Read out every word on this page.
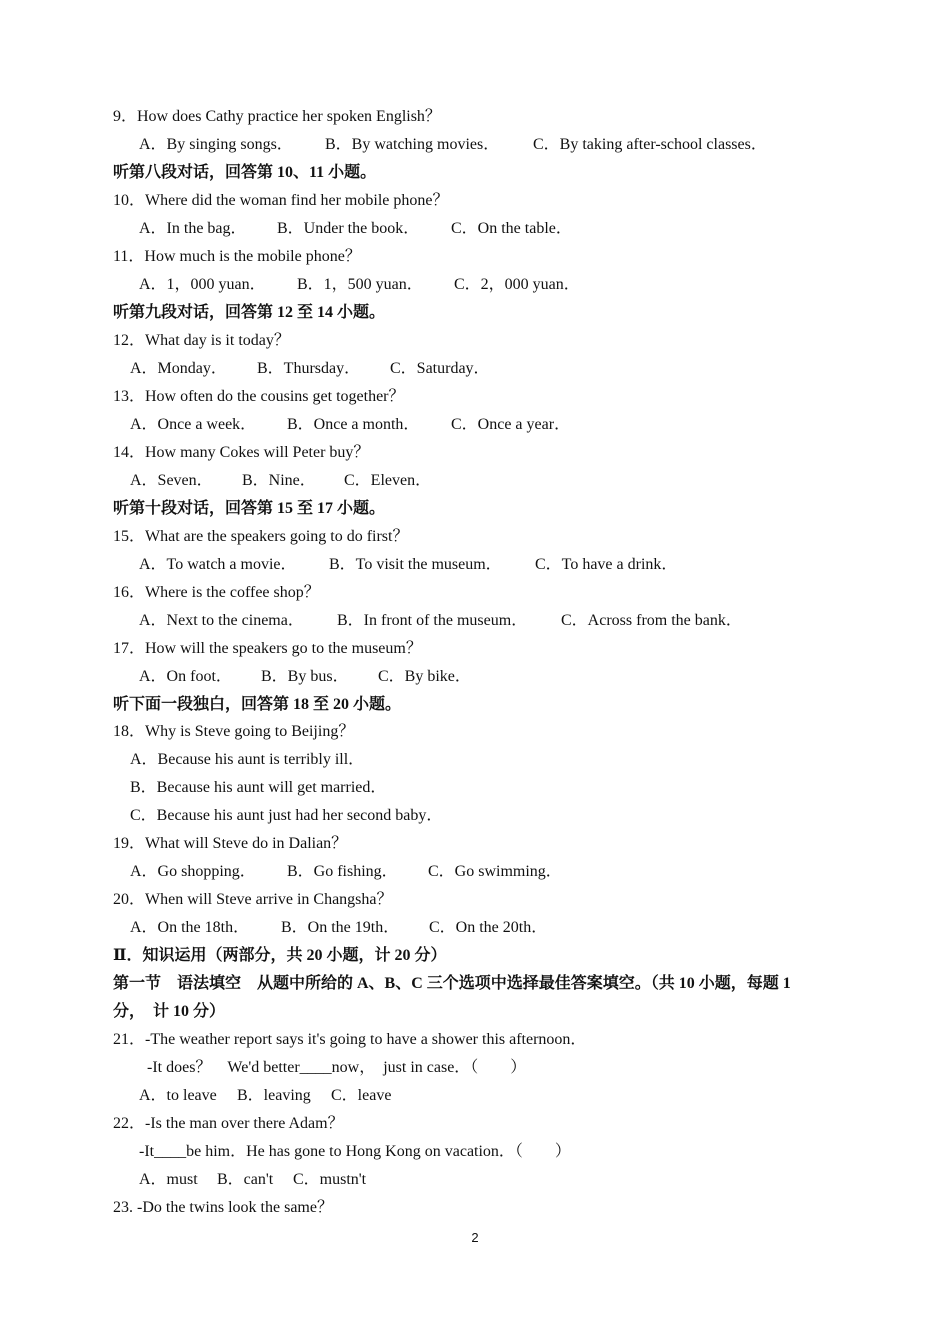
9．How does Cathy practice her spoken English？
A．By singing songs． B．By watching movies． C．By taking after-school classes．
听第八段对话，回答第 10、11 小题。
10．Where did the woman find her mobile phone？
A．In the bag． B．Under the book． C．On the table．
11．How much is the mobile phone？
A．1，000 yuan． B．1，500 yuan． C．2，000 yuan．
听第九段对话，回答第 12 至 14 小题。
12．What day is it today？
A．Monday． B．Thursday． C．Saturday．
13．How often do the cousins get together？
A．Once a week． B．Once a month． C．Once a year．
14．How many Cokes will Peter buy？
A．Seven． B．Nine． C．Eleven．
听第十段对话，回答第 15 至 17 小题。
15．What are the speakers going to do first？
A．To watch a movie． B．To visit the museum． C．To have a drink．
16．Where is the coffee shop？
A．Next to the cinema． B．In front of the museum． C．Across from the bank．
17．How will the speakers go to the museum？
A．On foot． B．By bus． C．By bike．
听下面一段独白，回答第 18 至 20 小题。
18．Why is Steve going to Beijing？
A．Because his aunt is terribly ill．
B．Because his aunt will get married．
C．Because his aunt just had her second baby．
19．What will Steve do in Dalian？
A．Go shopping． B．Go fishing． C．Go swimming．
20．When will Steve arrive in Changsha？
A．On the 18th． B．On the 19th． C．On the 20th．
Ⅱ．知识运用（两部分，共 20 小题，计 20 分）
第一节　语法填空　从题中所给的 A、B、C 三个选项中选择最佳答案填空。（共 10 小题，每题 1
分，　计 10 分）
21．-The weather report says it's going to have a shower this afternoon．
-It does？　We'd better____now，　just in case．（　　）
A．to leave B．leaving C．leave
22．-Is the man over there Adam？
-It____be him．He has gone to Hong Kong on vacation．（　　）
A．must B．can't C．mustn't
23. -Do the twins look the same？
2
